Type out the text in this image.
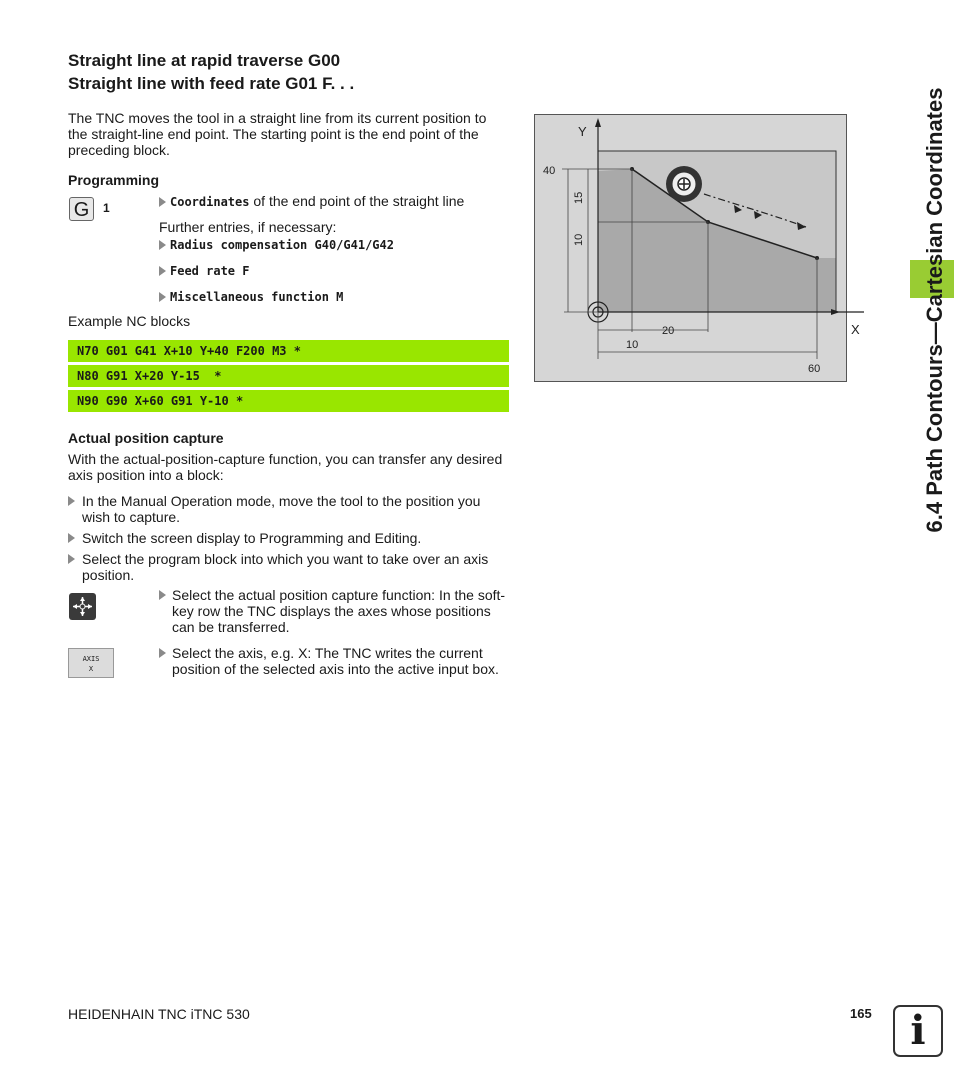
Straight line at rapid traverse G00
Straight line with feed rate G01 F. . .
The TNC moves the tool in a straight line from its current position to
the straight-line end point. The starting point is the end point of the
preceding block.
Programming
G	1	Coordinates of the end point of the straight line
Further entries, if necessary:
Radius compensation G40/G41/G42
Feed rate F
Miscellaneous function M
Example NC blocks
N70 G01 G41 X+10 Y+40 F200 M3 *
N80 G91 X+20 Y-15  *
N90 G90 X+60 G91 Y-10 *
Actual position capture
With the actual-position-capture function, you can transfer any desired
axis position into a block:
In the Manual Operation mode, move the tool to the position you
wish to capture.
Switch the screen display to Programming and Editing.
Select the program block into which you want to take over an axis
position.
Select the actual position capture function: In the soft-
key row the TNC displays the axes whose positions
can be transferred.
AXIS
X
Select the axis, e.g. X: The TNC writes the current
position of the selected axis into the active input box.
Y
X
40
15
10
20
10
60	6.4 Path Contours—Cartesian Coordinates
HEIDENHAIN TNC iTNC 530	165 i
